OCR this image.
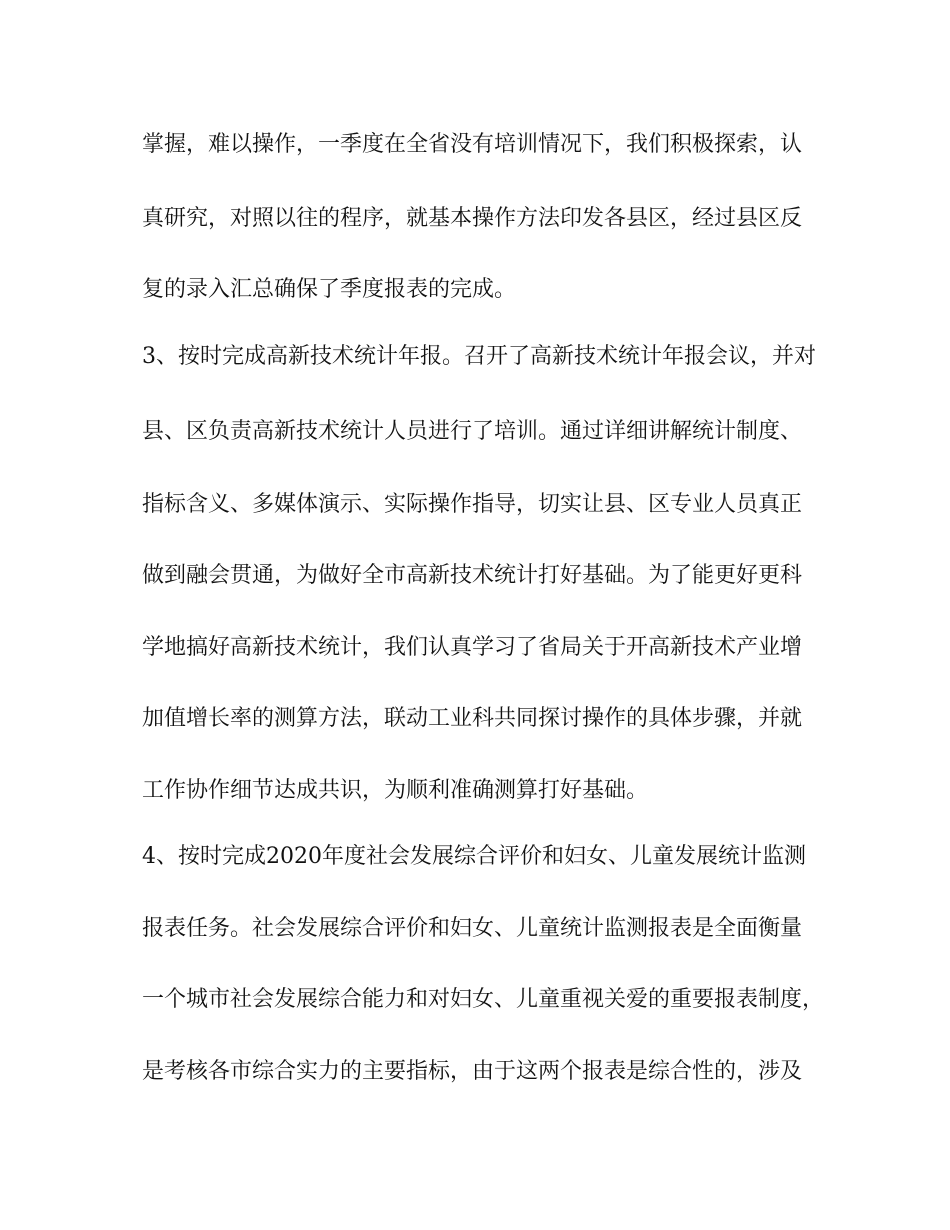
掌握，难以操作，一季度在全省没有培训情况下，我们积极探索，认

真研究，对照以往的程序，就基本操作方法印发各县区，经过县区反

复的录入汇总确保了季度报表的完成。

3、按时完成高新技术统计年报。召开了高新技术统计年报会议，并对

县、区负责高新技术统计人员进行了培训。通过详细讲解统计制度、

指标含义、多媒体演示、实际操作指导，切实让县、区专业人员真正

做到融会贯通，为做好全市高新技术统计打好基础。为了能更好更科

学地搞好高新技术统计，我们认真学习了省局关于开高新技术产业增

加值增长率的测算方法，联动工业科共同探讨操作的具体步骤，并就

工作协作细节达成共识，为顺利准确测算打好基础。

4、按时完成2020年度社会发展综合评价和妇女、儿童发展统计监测

报表任务。社会发展综合评价和妇女、儿童统计监测报表是全面衡量

一个城市社会发展综合能力和对妇女、儿童重视关爱的重要报表制度，

是考核各市综合实力的主要指标，由于这两个报表是综合性的，涉及
